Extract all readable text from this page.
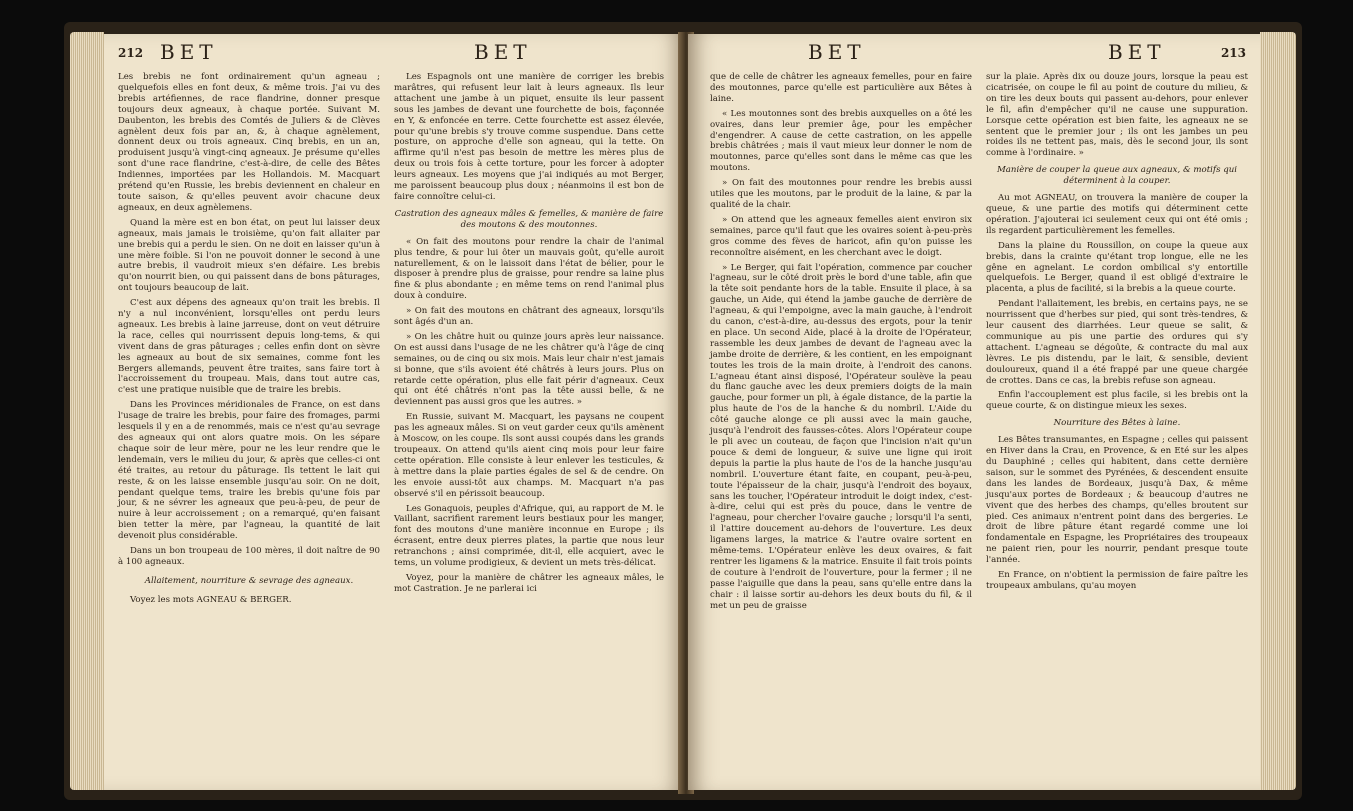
212 BET	BET

Les brebis ne font ordinairement qu'un agneau ; quelquefois elles en font deux, & même trois. J'ai vu des brebis artéfiennes, de race flandrine, donner presque toujours deux agneaux, à chaque portée. Suivant M. Daubenton, les brebis des Comtés de Juliers & de Clèves agnèlent deux fois par an, &, à chaque agnèlement, donnent deux ou trois agneaux. Cinq brebis, en un an, produisent jusqu'à vingt-cinq agneaux. Je présume qu'elles sont d'une race flandrine, c'est-à-dire, de celle des Bêtes Indiennes, importées par les Hollandois. M. Macquart prétend qu'en Russie, les brebis deviennent en chaleur en toute saison, & qu'elles peuvent avoir chacune deux agneaux, en deux agnèlemens.

Quand la mère est en bon état, on peut lui laisser deux agneaux, mais jamais le troisième, qu'on fait allaiter par une brebis qui a perdu le sien. On ne doit en laisser qu'un à une mère foible. Si l'on ne pouvoit donner le second à une autre brebis, il vaudroit mieux s'en défaire. Les brebis qu'on nourrit bien, ou qui paissent dans de bons pâturages, ont toujours beaucoup de lait.

C'est aux dépens des agneaux qu'on trait les brebis. Il n'y a nul inconvénient, lorsqu'elles ont perdu leurs agneaux. Les brebis à laine jarreuse, dont on veut détruire la race, celles qui nourrissent depuis long-tems, & qui vivent dans de gras pâturages ; celles enfin dont on sèvre les agneaux au bout de six semaines, comme font les Bergers allemands, peuvent être traites, sans faire tort à l'accroissement du troupeau. Mais, dans tout autre cas, c'est une pratique nuisible que de traire les brebis.

Dans les Provinces méridionales de France, on est dans l'usage de traire les brebis, pour faire des fromages, parmi lesquels il y en a de renommés, mais ce n'est qu'au sevrage des agneaux qui ont alors quatre mois. On les sépare chaque soir de leur mère, pour ne les leur rendre que le lendemain, vers le milieu du jour, & après que celles-ci ont été traites, au retour du pâturage. Ils tettent le lait qui reste, & on les laisse ensemble jusqu'au soir. On ne doit, pendant quelque tems, traire les brebis qu'une fois par jour, & ne sévrer les agneaux que peu-à-peu, de peur de nuire à leur accroissement ; on a remarqué, qu'en faisant bien tetter la mère, par l'agneau, la quantité de lait devenoit plus considérable.

Dans un bon troupeau de 100 mères, il doit naître de 90 à 100 agneaux.

Allaitement, nourriture & sevrage des agneaux.

Voyez les mots AGNEAU & BERGER.

Les Espagnols ont une manière de corriger les brebis marâtres, qui refusent leur lait à leurs agneaux. Ils leur attachent une jambe à un piquet, ensuite ils leur passent sous les jambes de devant une fourchette de bois, façonnée en Y, & enfoncée en terre. Cette fourchette est assez élevée, pour qu'une brebis s'y trouve comme suspendue. Dans cette posture, on approche d'elle son agneau, qui la tette. On affirme qu'il n'est pas besoin de mettre les mères plus de deux ou trois fois à cette torture, pour les forcer à adopter leurs agneaux. Les moyens que j'ai indiqués au mot Berger, me paroissent beaucoup plus doux ; néanmoins il est bon de faire connoître celui-ci.

Castration des agneaux mâles & femelles, & manière de faire des moutons & des moutonnes.

« On fait des moutons pour rendre la chair de l'animal plus tendre, & pour lui ôter un mauvais goût, qu'elle auroit naturellement, & on le laissoit dans l'état de bélier, pour le disposer à prendre plus de graisse, pour rendre sa laine plus fine & plus abondante ; en même tems on rend l'animal plus doux à conduire.

» On fait des moutons en châtrant des agneaux, lorsqu'ils sont âgés d'un an.

» On les châtre huit ou quinze jours après leur naissance. On est aussi dans l'usage de ne les châtrer qu'à l'âge de cinq semaines, ou de cinq ou six mois. Mais leur chair n'est jamais si bonne, que s'ils avoient été châtrés à leurs jours. Plus on retarde cette opération, plus elle fait périr d'agneaux. Ceux qui ont été châtrés n'ont pas la tête aussi belle, & ne deviennent pas aussi gros que les autres. »

En Russie, suivant M. Macquart, les paysans ne coupent pas les agneaux mâles. Si on veut garder ceux qu'ils amènent à Moscow, on les coupe. Ils sont aussi coupés dans les grands troupeaux. On attend qu'ils aient cinq mois pour leur faire cette opération. Elle consiste à leur enlever les testicules, & à mettre dans la plaie parties égales de sel & de cendre. On les envoie aussi-tôt aux champs. M. Macquart n'a pas observé s'il en périssoit beaucoup.

Les Gonaquois, peuples d'Afrique, qui, au rapport de M. le Vaillant, sacrifient rarement leurs bestiaux pour les manger, font des moutons d'une manière inconnue en Europe ; ils écrasent, entre deux pierres plates, la partie que nous leur retranchons ; ainsi comprimée, dit-il, elle acquiert, avec le tems, un volume prodigieux, & devient un mets très-délicat.

Voyez, pour la manière de châtrer les agneaux mâles, le mot Castration. Je ne parlerai ici

BET	BET	213

que de celle de châtrer les agneaux femelles, pour en faire des moutonnes, parce qu'elle est particulière aux Bêtes à laine.

« Les moutonnes sont des brebis auxquelles on a ôté les ovaires, dans leur premier âge, pour les empêcher d'engendrer. A cause de cette castration, on les appelle brebis châtrées ; mais il vaut mieux leur donner le nom de moutonnes, parce qu'elles sont dans le même cas que les moutons.

» On fait des moutonnes pour rendre les brebis aussi utiles que les moutons, par le produit de la laine, & par la qualité de la chair.

» On attend que les agneaux femelles aient environ six semaines, parce qu'il faut que les ovaires soient à-peu-près gros comme des fèves de haricot, afin qu'on puisse les reconnoître aisément, en les cherchant avec le doigt.

» Le Berger, qui fait l'opération, commence par coucher l'agneau, sur le côté droit près le bord d'une table, afin que la tête soit pendante hors de la table. Ensuite il place, à sa gauche, un Aide, qui étend la jambe gauche de derrière de l'agneau, & qui l'empoigne, avec la main gauche, à l'endroit du canon, c'est-à-dire, au-dessus des ergots, pour la tenir en place. Un second Aide, placé à la droite de l'Opérateur, rassemble les deux jambes de devant de l'agneau avec la jambe droite de derrière, & les contient, en les empoignant toutes les trois de la main droite, à l'endroit des canons. L'agneau étant ainsi disposé, l'Opérateur soulève la peau du flanc gauche avec les deux premiers doigts de la main gauche, pour former un pli, à égale distance, de la partie la plus haute de l'os de la hanche & du nombril. L'Aide du côté gauche alonge ce pli aussi avec la main gauche, jusqu'à l'endroit des fausses-côtes. Alors l'Opérateur coupe le pli avec un couteau, de façon que l'incision n'ait qu'un pouce & demi de longueur, & suive une ligne qui iroit depuis la partie la plus haute de l'os de la hanche jusqu'au nombril. L'ouverture étant faite, en coupant, peu-à-peu, toute l'épaisseur de la chair, jusqu'à l'endroit des boyaux, sans les toucher, l'Opérateur introduit le doigt index, c'est-à-dire, celui qui est près du pouce, dans le ventre de l'agneau, pour chercher l'ovaire gauche ; lorsqu'il l'a senti, il l'attire doucement au-dehors de l'ouverture. Les deux ligamens larges, la matrice & l'autre ovaire sortent en même-tems. L'Opérateur enlève les deux ovaires, & fait rentrer les ligamens & la matrice. Ensuite il fait trois points de couture à l'endroit de l'ouverture, pour la fermer ; il ne passe l'aiguille que dans la peau, sans qu'elle entre dans la chair : il laisse sortir au-dehors les deux bouts du fil, & il met un peu de graisse

sur la plaie. Après dix ou douze jours, lorsque la peau est cicatrisée, on coupe le fil au point de couture du milieu, & on tire les deux bouts qui passent au-dehors, pour enlever le fil, afin d'empêcher qu'il ne cause une suppuration. Lorsque cette opération est bien faite, les agneaux ne se sentent que le premier jour ; ils ont les jambes un peu roides ils ne tettent pas, mais, dès le second jour, ils sont comme à l'ordinaire. »

Manière de couper la queue aux agneaux, & motifs qui déterminent à la couper.

Au mot AGNEAU, on trouvera la manière de couper la queue, & une partie des motifs qui déterminent cette opération. J'ajouterai ici seulement ceux qui ont été omis ; ils regardent particulièrement les femelles.

Dans la plaine du Roussillon, on coupe la queue aux brebis, dans la crainte qu'étant trop longue, elle ne les gêne en agnelant. Le cordon ombilical s'y entortille quelquefois. Le Berger, quand il est obligé d'extraire le placenta, a plus de facilité, si la brebis a la queue courte.

Pendant l'allaitement, les brebis, en certains pays, ne se nourrissent que d'herbes sur pied, qui sont très-tendres, & leur causent des diarrhées. Leur queue se salit, & communique au pis une partie des ordures qui s'y attachent. L'agneau se dégoûte, & contracte du mal aux lèvres. Le pis distendu, par le lait, & sensible, devient douloureux, quand il a été frappé par une queue chargée de crottes. Dans ce cas, la brebis refuse son agneau.

Enfin l'accouplement est plus facile, si les brebis ont la queue courte, & on distingue mieux les sexes.

Nourriture des Bêtes à laine.

Les Bêtes transumantes, en Espagne ; celles qui paissent en Hiver dans la Crau, en Provence, & en Eté sur les alpes du Dauphiné ; celles qui habitent, dans cette dernière saison, sur le sommet des Pyrénées, & descendent ensuite dans les landes de Bordeaux, jusqu'à Dax, & même jusqu'aux portes de Bordeaux ; & beaucoup d'autres ne vivent que des herbes des champs, qu'elles broutent sur pied. Ces animaux n'entrent point dans des bergeries. Le droit de libre pâture étant regardé comme une loi fondamentale en Espagne, les Propriétaires des troupeaux ne paient rien, pour les nourrir, pendant presque toute l'année.

En France, on n'obtient la permission de faire paître les troupeaux ambulans, qu'au moyen
